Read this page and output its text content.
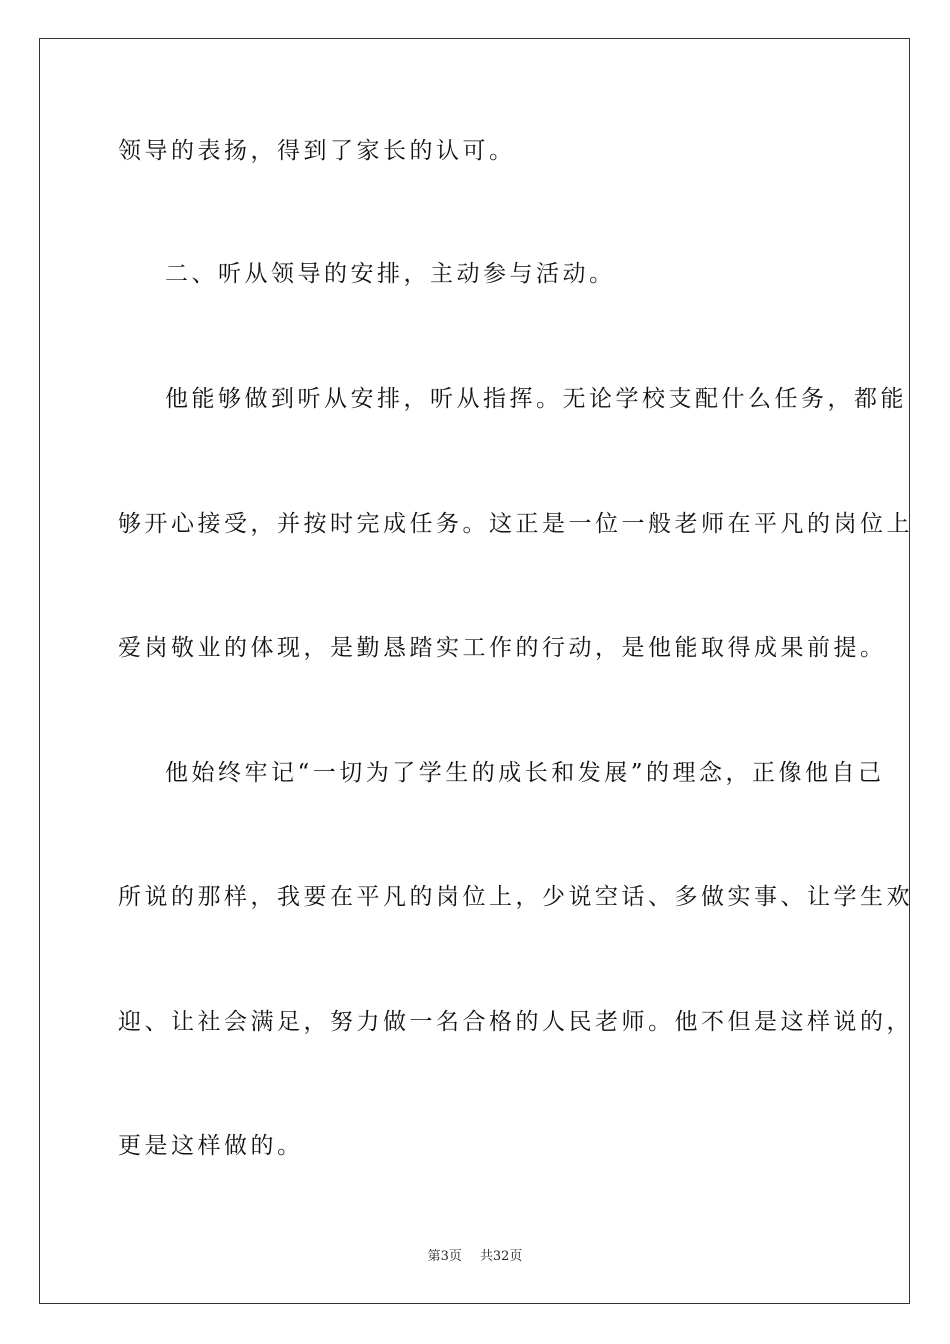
领导的表扬，得到了家长的认可。
二、听从领导的安排，主动参与活动。
他能够做到听从安排，听从指挥。无论学校支配什么任务，都能
够开心接受，并按时完成任务。这正是一位一般老师在平凡的岗位上
爱岗敬业的体现，是勤恳踏实工作的行动，是他能取得成果前提。
他始终牢记“一切为了学生的成长和发展”的理念，正像他自己
所说的那样，我要在平凡的岗位上，少说空话、多做实事、让学生欢
迎、让社会满足，努力做一名合格的人民老师。他不但是这样说的，
更是这样做的。
第3页 共32页
